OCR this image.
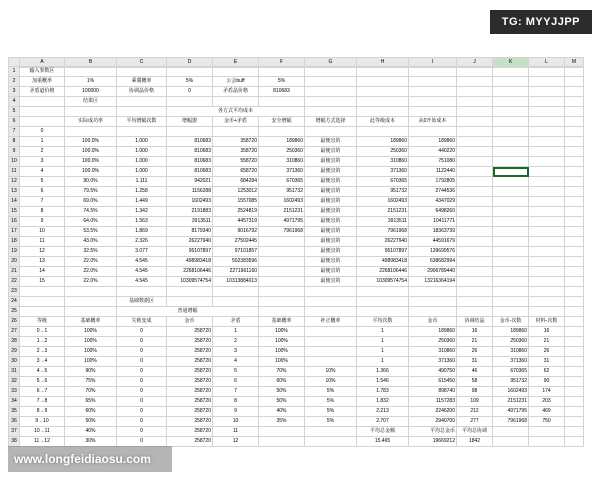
TG: MYYJJPP
	A	B	C	D	E	F	G	H	I	J	K	L	M
1	输入参数区												
2	加重概率	1%	乘冀概率	5%	公会buff	5%							
3	矛盾道价格	100000	协调晶价格	0	矛盾晶价格	810683							
4		结果区											
5				各方式平均成本									
6		实际成功率	平均增幅次数	增幅器	金币+矛盾	安全增幅	增幅方式选择	此等级成本	从0开始成本				
7	0												
8	1	100.0%	1.000	810683	358720	189860	最便宜的	189860	189860				
9	2	100.0%	1.000	810683	358720	250360	最便宜的	250360	440220				
10	3	100.0%	1.000	810683	558720	310860	最便宜的	310860	751080				
11	4	100.0%	1.000	810683	658720	371360	最便宜的	371360	1122440				
12	5	90.0%	1.111	942021	684284	670365	最便宜的	670365	1792805				
13	6	79.5%	1.258	1156288	1253012	951732	最便宜的	951732	2744536				
14	7	69.0%	1.449	1602493	1557085	1602493	最便宜的	1602493	4347029				
15	8	74.5%	1.342	2191883	2524819	2151231	最便宜的	2151231	6498260				
16	9	64.0%	1.563	3913511	4457319	4971795	最便宜的	3913511	10411771				
17	10	53.5%	1.869	8179340	9016792	7961968	最便宜的	7961968	18363739				
18	11	43.0%	2.326	26227940	27502445		最便宜的	26227940	44591679				
19	12	32.5%	3.077	95107897	97101857		最便宜的	95107897	139699576				
20	13	22.0%	4.545	498983418	502383596		最便宜的	498983418	638682994				
21	14	22.0%	4.545	2268106446	2271961160		最便宜的	2268106446	2906789440				
22	15	22.0%	4.545	10309574754	10313884013		最便宜的	10309574754	13216364194				
23													
24			基础数据区										
25			普通增幅										
26	等级	基础概率	失败变成	金币	矛盾	基础概率	补正概率	平均次数	金币	协调结晶	金币-次数	材料-次数	
27	0→1	100%	0	258720	1	100%		1	189860	16	189860	16	
28	1→2	100%	0	258720	2	100%		1	250360	21	250360	21	
29	2→3	100%	0	258720	3	100%		1	310860	26	310860	26	
30	3→4	100%	0	258720	4	100%		1	371360	31	371360	31	
31	4→5	90%	0	258720	5	70%	10%	1.366	490750	46	670365	62	
32	5→6	75%	0	258720	6	60%	10%	1.546	615450	58	951732	90	
33	6→7	70%	0	258720	7	50%	5%	1.783	898740	98	1602493	174	
34	7→8	65%	0	258720	8	50%	5%	1.832	1157283	109	2151231	203	
35	8→9	60%	0	258720	9	40%	5%	2.213	2246200	212	4971795	469	
36	9→10	50%	0	258720	10	35%	5%	2.707	2940700	277	7961968	750	
37	10→11	40%	0	258720	11			平均总金额	平均总金币	平均总协调			
38	11→12	30%	0	258720	12			15.465	19669212	1842			
www.longfeidiaosu.com
